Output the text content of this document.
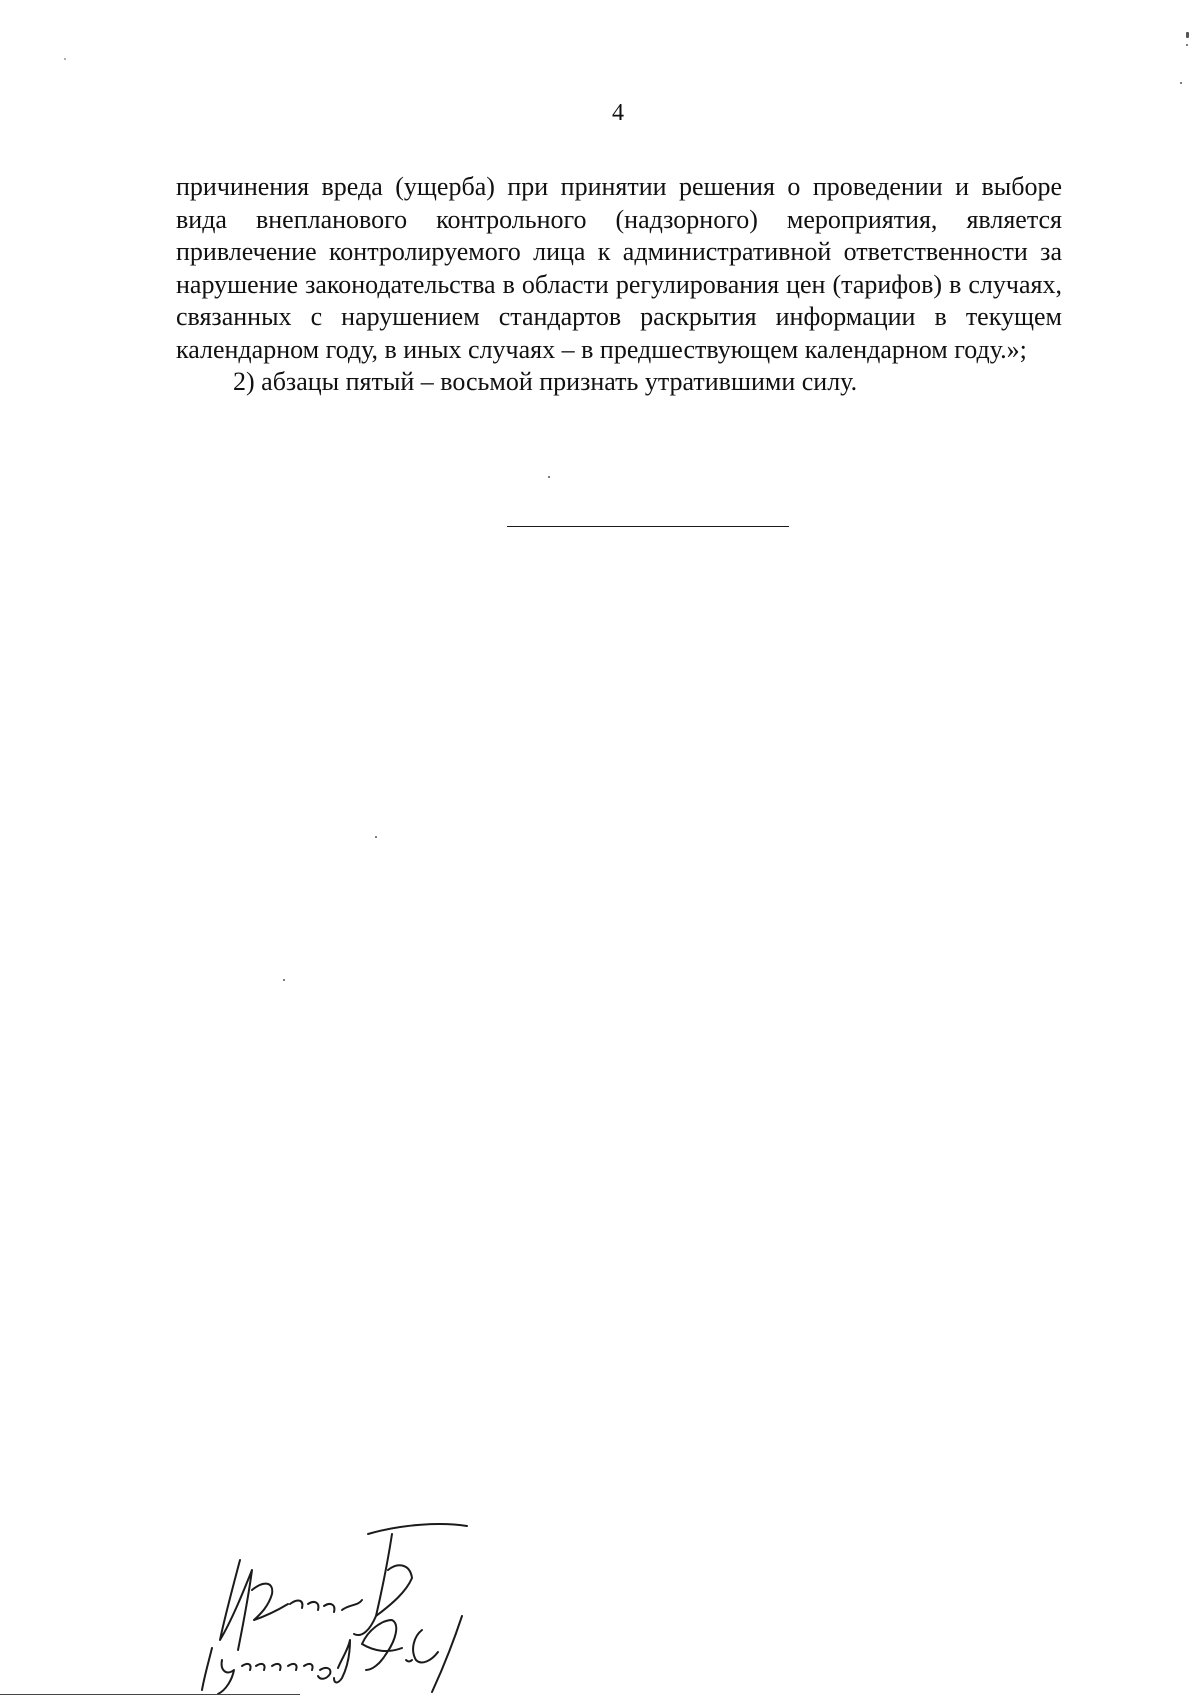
4

причинения вреда (ущерба) при принятии решения о проведении и выборе вида внепланового контрольного (надзорного) мероприятия, является привлечение контролируемого лица к административной ответственности за нарушение законодательства в области регулирования цен (тарифов) в случаях, связанных с нарушением стандартов раскрытия информации в текущем календарном году, в иных случаях – в предшествующем календарном году.»;

2) абзацы пятый – восьмой признать утратившими силу.
